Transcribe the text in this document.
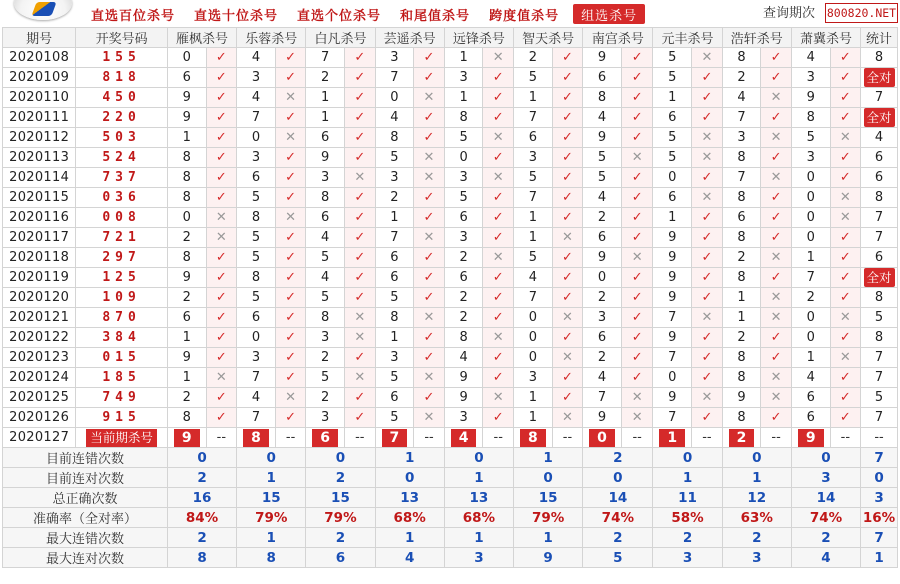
直选百位杀号	直选十位杀号	直选个位杀号	和尾值杀号	跨度值杀号	组选杀号	查询期次 800820.NET
期号	开奖号码	雁枫杀号		乐蓉杀号		白凡杀号		芸遥杀号		远锋杀号		智天杀号		南宫杀号		元丰杀号		浩轩杀号		萧冀杀号		统计
2020108	155	0	✓	4	✓	7	✓	3	✓	1	✕	2	✓	9	✓	5	✕	8	✓	4	✓	8
2020109	818	6	✓	3	✓	2	✓	7	✓	3	✓	5	✓	6	✓	5	✓	2	✓	3	✓	全对
2020110	450	9	✓	4	✕	1	✓	0	✕	1	✓	1	✓	8	✓	1	✓	4	✕	9	✓	7
2020111	220	9	✓	7	✓	1	✓	4	✓	8	✓	7	✓	4	✓	6	✓	7	✓	8	✓	全对
2020112	503	1	✓	0	✕	6	✓	8	✓	5	✕	6	✓	9	✓	5	✕	3	✕	5	✕	4
2020113	524	8	✓	3	✓	9	✓	5	✕	0	✓	3	✓	5	✕	5	✕	8	✓	3	✓	6
2020114	737	8	✓	6	✓	3	✕	3	✕	3	✕	5	✓	5	✓	0	✓	7	✕	0	✓	6
2020115	036	8	✓	5	✓	8	✓	2	✓	5	✓	7	✓	4	✓	6	✕	8	✓	0	✕	8
2020116	008	0	✕	8	✕	6	✓	1	✓	6	✓	1	✓	2	✓	1	✓	6	✓	0	✕	7
2020117	721	2	✕	5	✓	4	✓	7	✕	3	✓	1	✕	6	✓	9	✓	8	✓	0	✓	7
2020118	297	8	✓	5	✓	5	✓	6	✓	2	✕	5	✓	9	✕	9	✓	2	✕	1	✓	6
2020119	125	9	✓	8	✓	4	✓	6	✓	6	✓	4	✓	0	✓	9	✓	8	✓	7	✓	全对
2020120	109	2	✓	5	✓	5	✓	5	✓	2	✓	7	✓	2	✓	9	✓	1	✕	2	✓	8
2020121	870	6	✓	6	✓	8	✕	8	✕	2	✓	0	✕	3	✓	7	✕	1	✕	0	✕	5
2020122	384	1	✓	0	✓	3	✕	1	✓	8	✕	0	✓	6	✓	9	✓	2	✓	0	✓	8
2020123	015	9	✓	3	✓	2	✓	3	✓	4	✓	0	✕	2	✓	7	✓	8	✓	1	✕	7
2020124	185	1	✕	7	✓	5	✕	5	✕	9	✓	3	✓	4	✓	0	✓	8	✕	4	✓	7
2020125	749	2	✓	4	✕	2	✓	6	✓	9	✕	1	✓	7	✕	9	✕	9	✕	6	✓	5
2020126	915	8	✓	7	✓	3	✓	5	✕	3	✓	1	✕	9	✕	7	✓	8	✓	6	✓	7
2020127	当前期杀号	9	--	8	--	6	--	7	--	4	--	8	--	0	--	1	--	2	--	9	--	--
目前连错次数		0		0		0		1		0		1		2		0		0		0		7
目前连对次数		2		1		2		0		1		0		0		1		1		3		0
总正确次数		16		15		15		13		13		15		14		11		12		14		3
准确率（全对率）		84%		79%		79%		68%		68%		79%		74%		58%		63%		74%		16%
最大连错次数		2		1		2		1		1		1		2		2		2		2		7
最大连对次数		8		8		6		4		3		9		5		3		3		4		1
